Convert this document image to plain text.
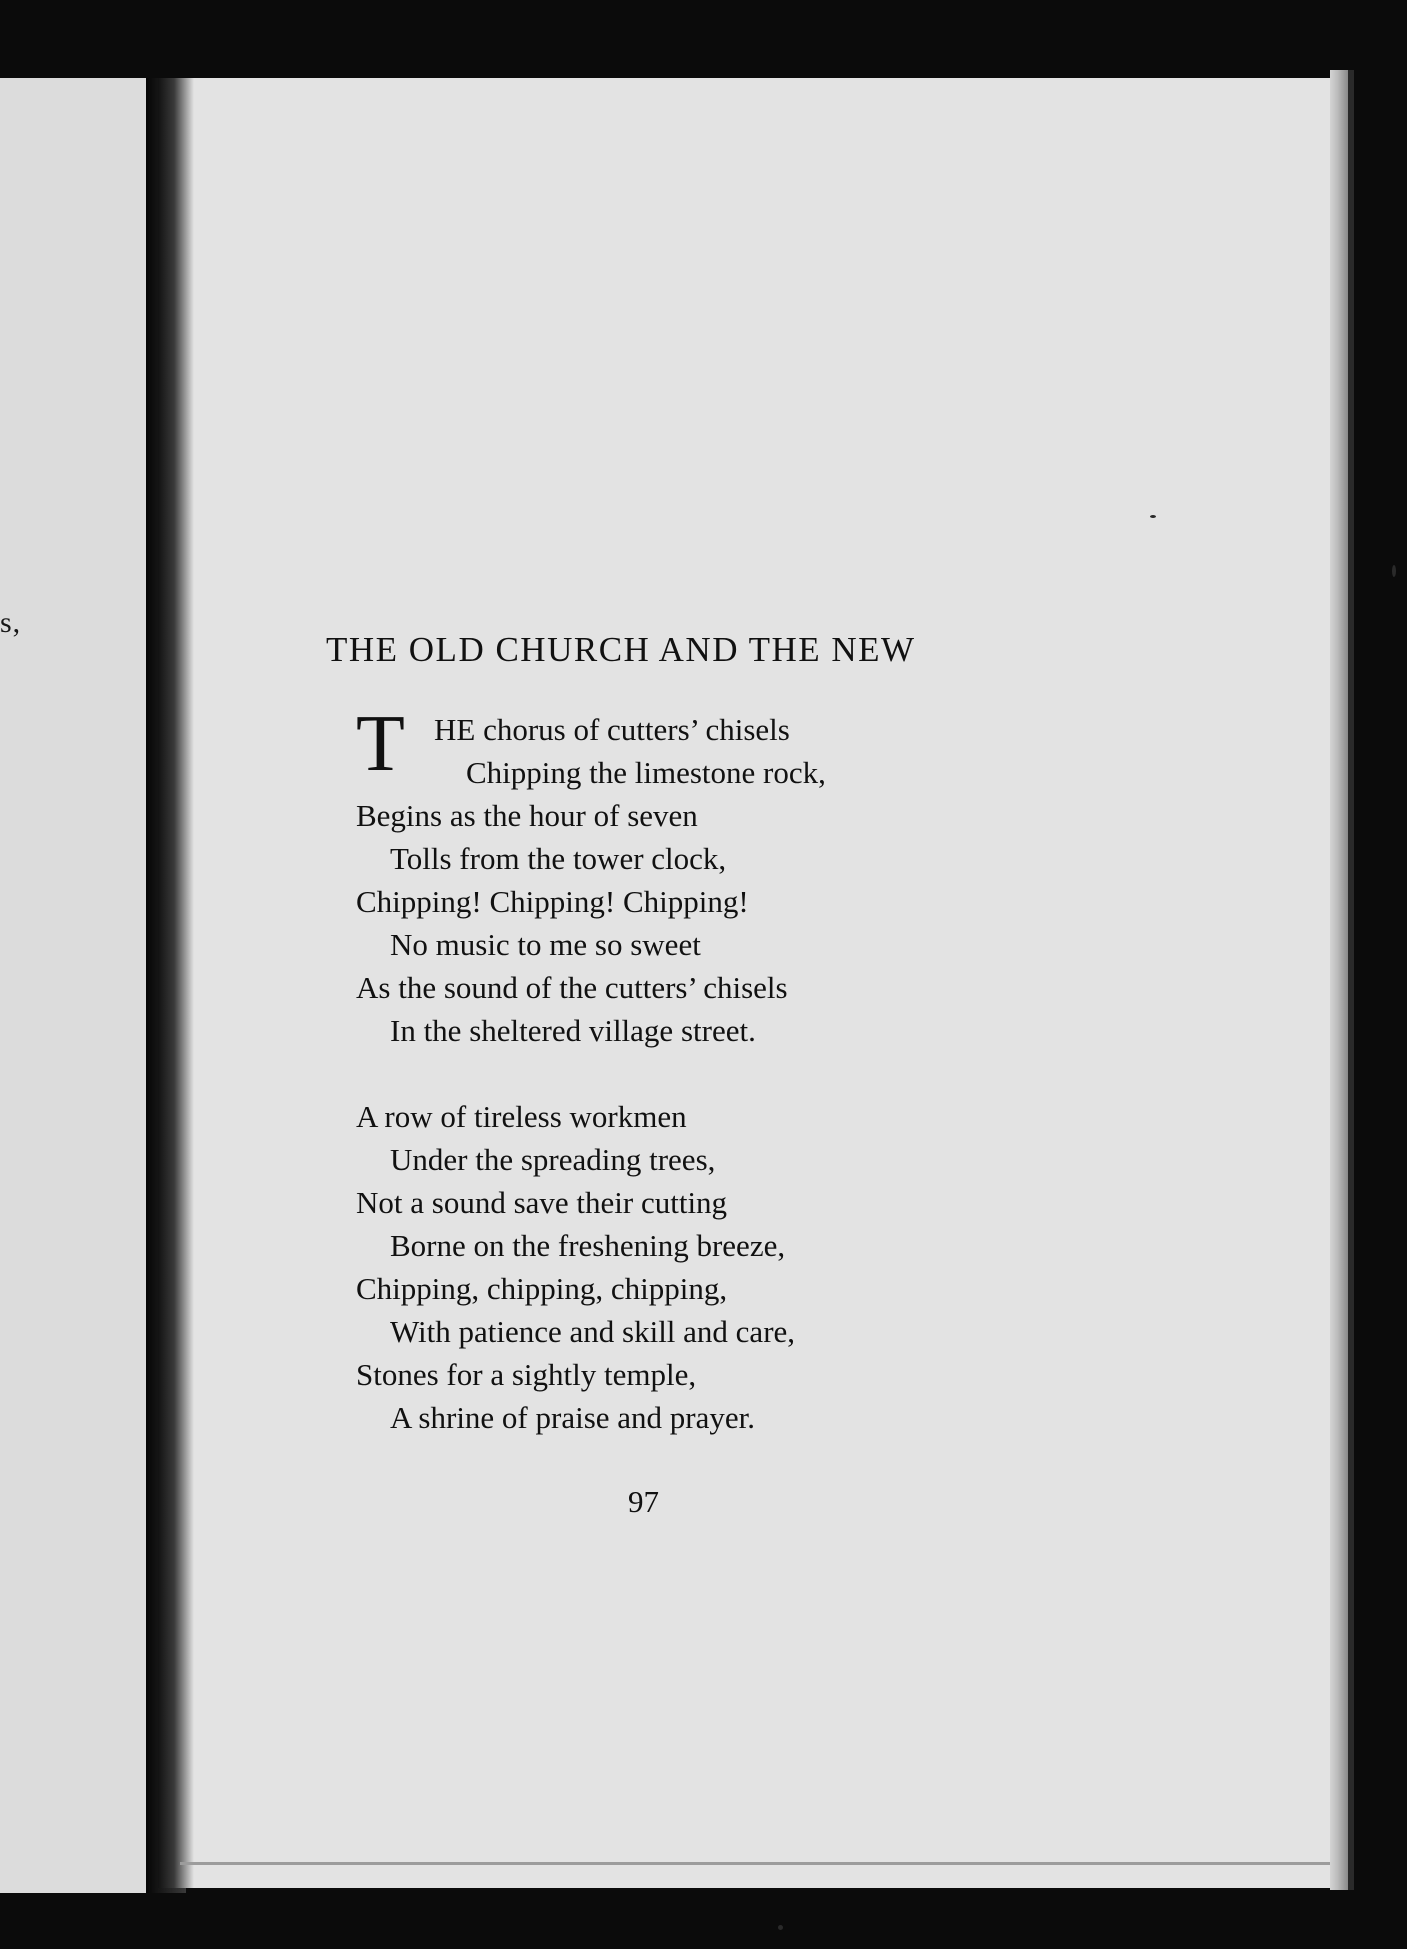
s,
THE OLD CHURCH AND THE NEW
T HE chorus of cutters’ chisels
Chipping the limestone rock,
Begins as the hour of seven
Tolls from the tower clock,
Chipping! Chipping! Chipping!
No music to me so sweet
As the sound of the cutters’ chisels
In the sheltered village street.
A row of tireless workmen
Under the spreading trees,
Not a sound save their cutting
Borne on the freshening breeze,
Chipping, chipping, chipping,
With patience and skill and care,
Stones for a sightly temple,
A shrine of praise and prayer.
97
